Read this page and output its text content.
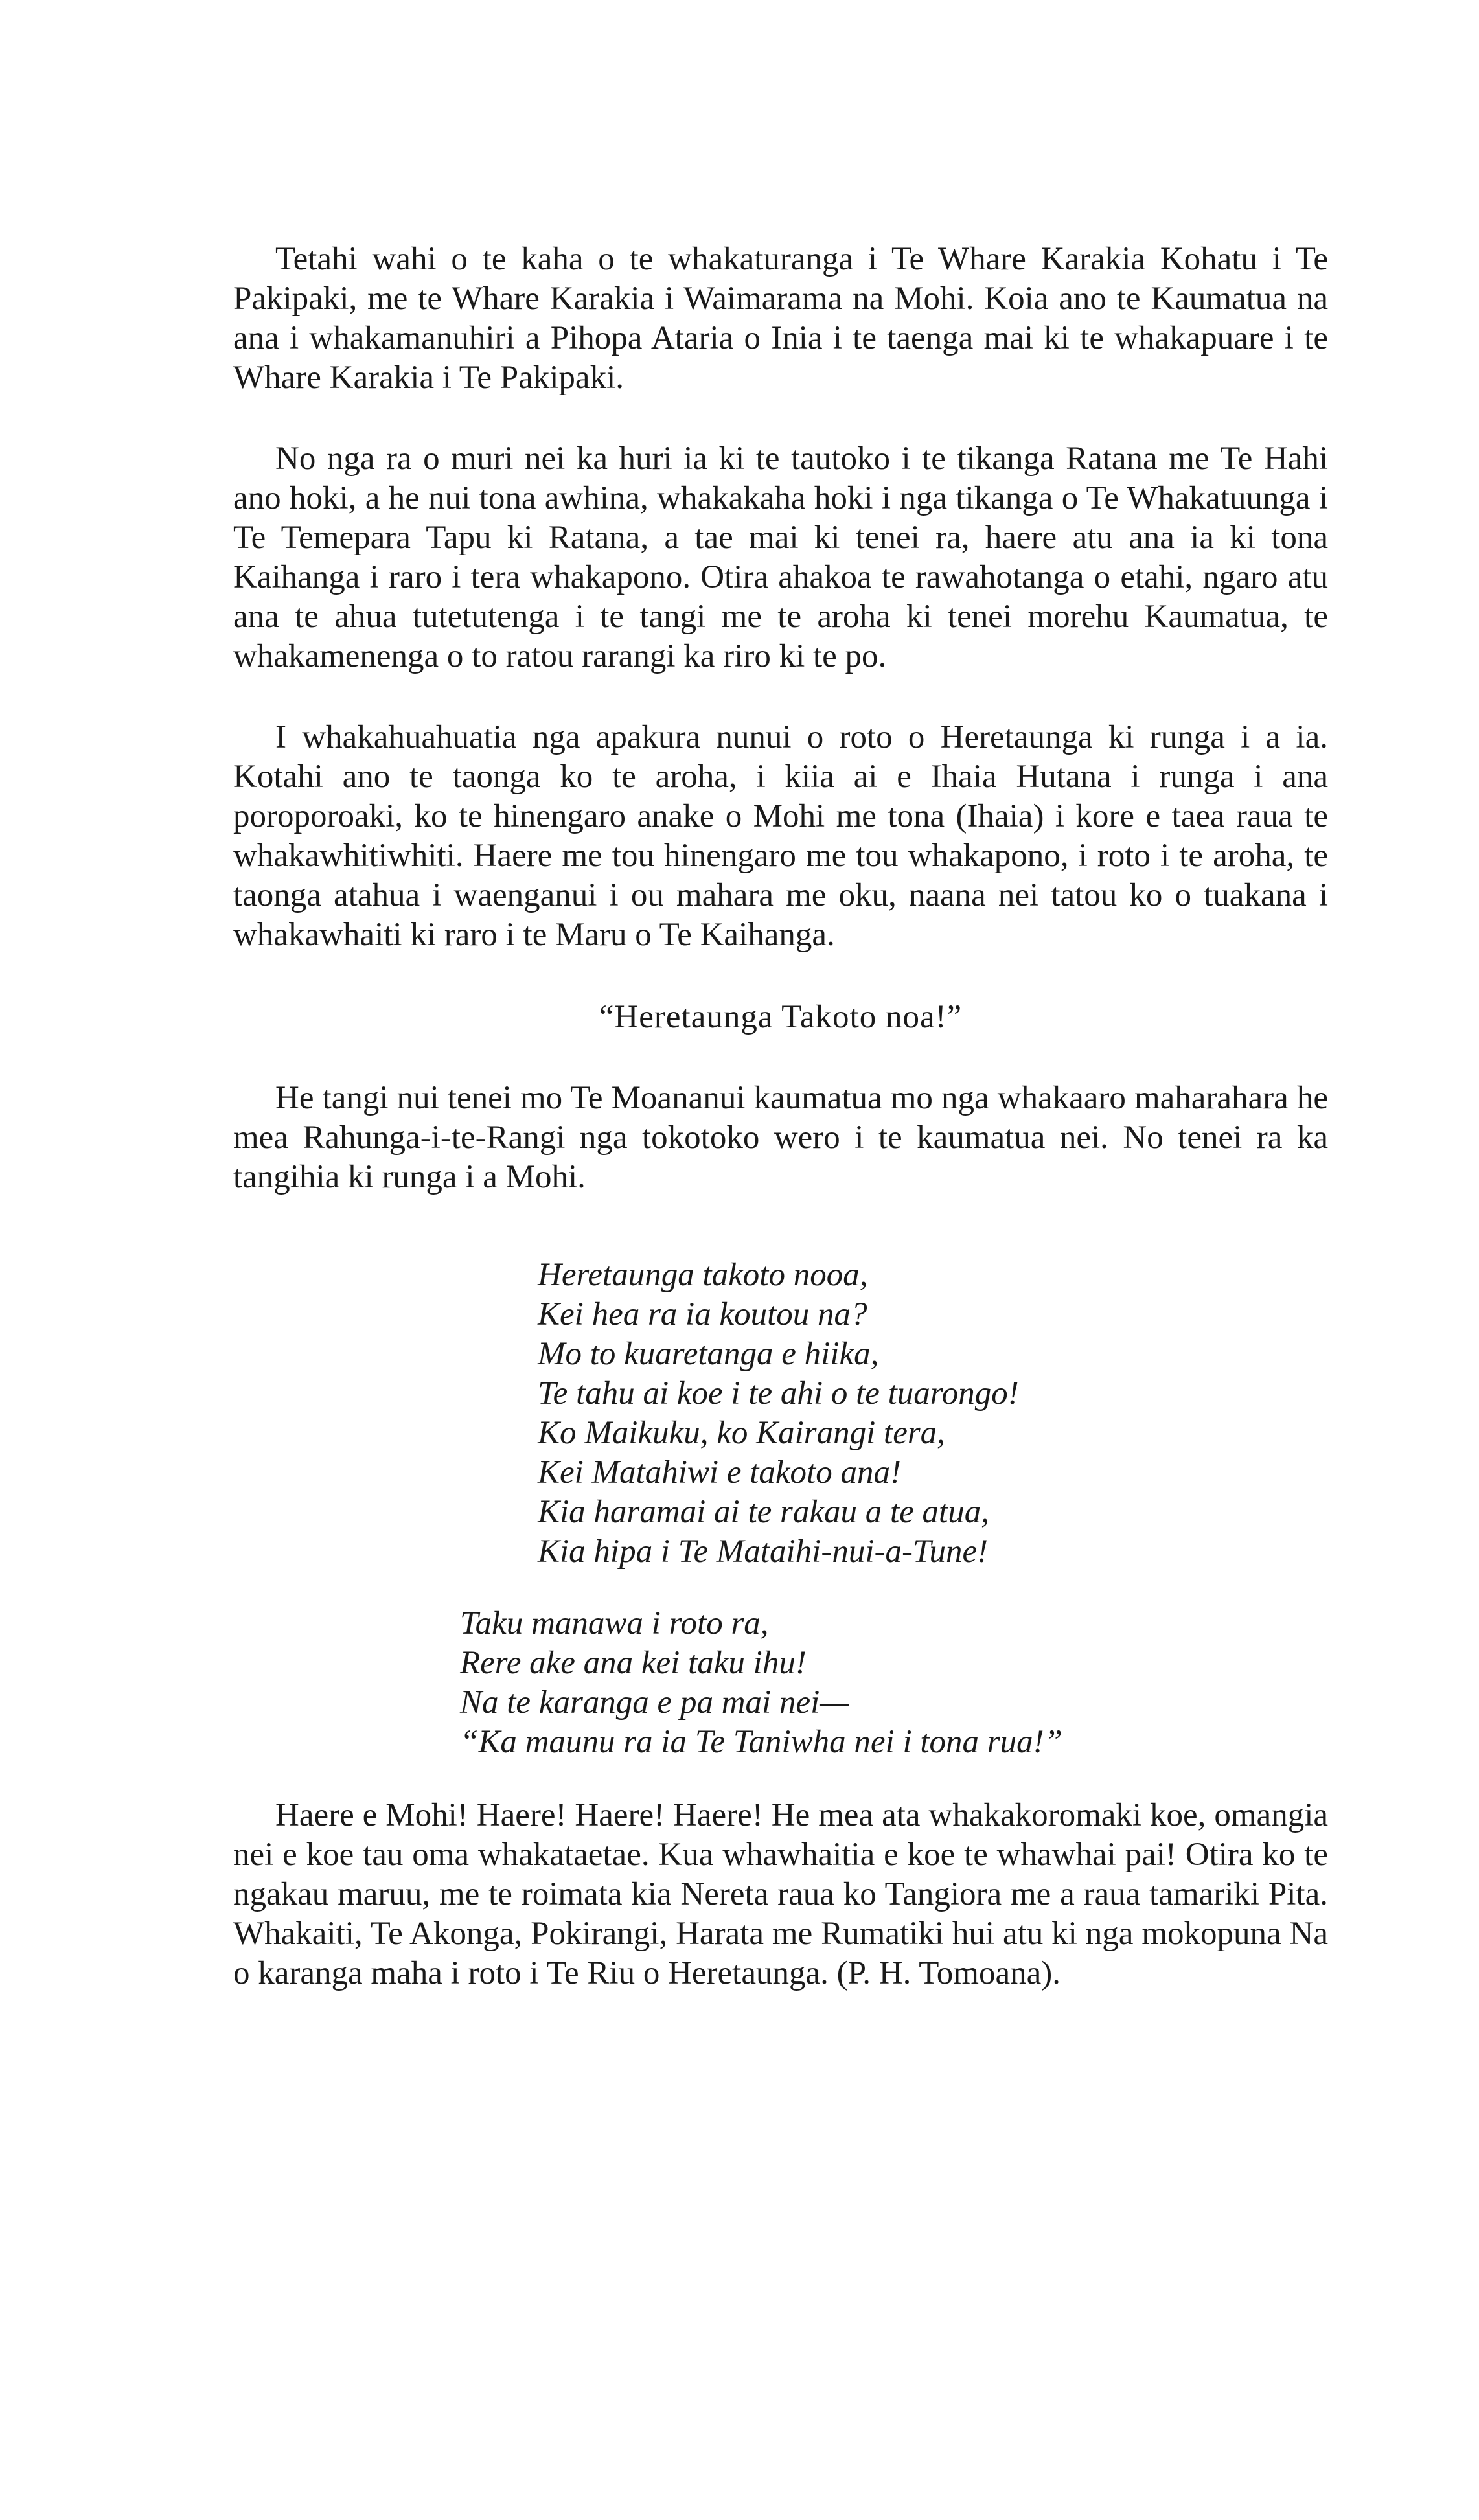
Tetahi wahi o te kaha o te whakaturanga i Te Whare Karakia Kohatu i Te Pakipaki, me te Whare Karakia i Waimarama na Mohi. Koia ano te Kaumatua na ana i whakamanuhiri a Pihopa Ataria o Inia i te taenga mai ki te whakapuare i te Whare Karakia i Te Pakipaki.

No nga ra o muri nei ka huri ia ki te tautoko i te tikanga Ratana me Te Hahi ano hoki, a he nui tona awhina, whakakaha hoki i nga tikanga o Te Whakatuunga i Te Temepara Tapu ki Ratana, a tae mai ki tenei ra, haere atu ana ia ki tona Kaihanga i raro i tera whakapono. Otira ahakoa te rawahotanga o etahi, ngaro atu ana te ahua tutetutenga i te tangi me te aroha ki tenei morehu Kaumatua, te whakamenenga o to ratou rarangi ka riro ki te po.

I whakahuahuatia nga apakura nunui o roto o Heretaunga ki runga i a ia. Kotahi ano te taonga ko te aroha, i kiia ai e Ihaia Hutana i runga i ana poroporoaki, ko te hinengaro anake o Mohi me tona (Ihaia) i kore e taea raua te whakawhitiwhiti. Haere me tou hinengaro me tou whakapono, i roto i te aroha, te taonga atahua i waenganui i ou mahara me oku, naana nei tatou ko o tuakana i whakawhaiti ki raro i te Maru o Te Kaihanga.

“Heretaunga Takoto noa!”

He tangi nui tenei mo Te Moananui kaumatua mo nga whakaaro maharahara he mea Rahunga-i-te-Rangi nga tokotoko wero i te kaumatua nei. No tenei ra ka tangihia ki runga i a Mohi.

Heretaunga takoto nooa,
Kei hea ra ia koutou na?
Mo to kuaretanga e hiika,
Te tahu ai koe i te ahi o te tuarongo!
Ko Maikuku, ko Kairangi tera,
Kei Matahiwi e takoto ana!
Kia haramai ai te rakau a te atua,
Kia hipa i Te Mataihi-nui-a-Tune!
Taku manawa i roto ra,
Rere ake ana kei taku ihu!
Na te karanga e pa mai nei—
“Ka maunu ra ia Te Taniwha nei i tona rua!”

Haere e Mohi! Haere! Haere! Haere! He mea ata whakakoromaki koe, omangia nei e koe tau oma whakataetae. Kua whawhaitia e koe te whawhai pai! Otira ko te ngakau maruu, me te roimata kia Nereta raua ko Tangiora me a raua tamariki Pita. Whakaiti, Te Akonga, Pokirangi, Harata me Rumatiki hui atu ki nga mokopuna Na o karanga maha i roto i Te Riu o Heretaunga. (P. H. Tomoana).
